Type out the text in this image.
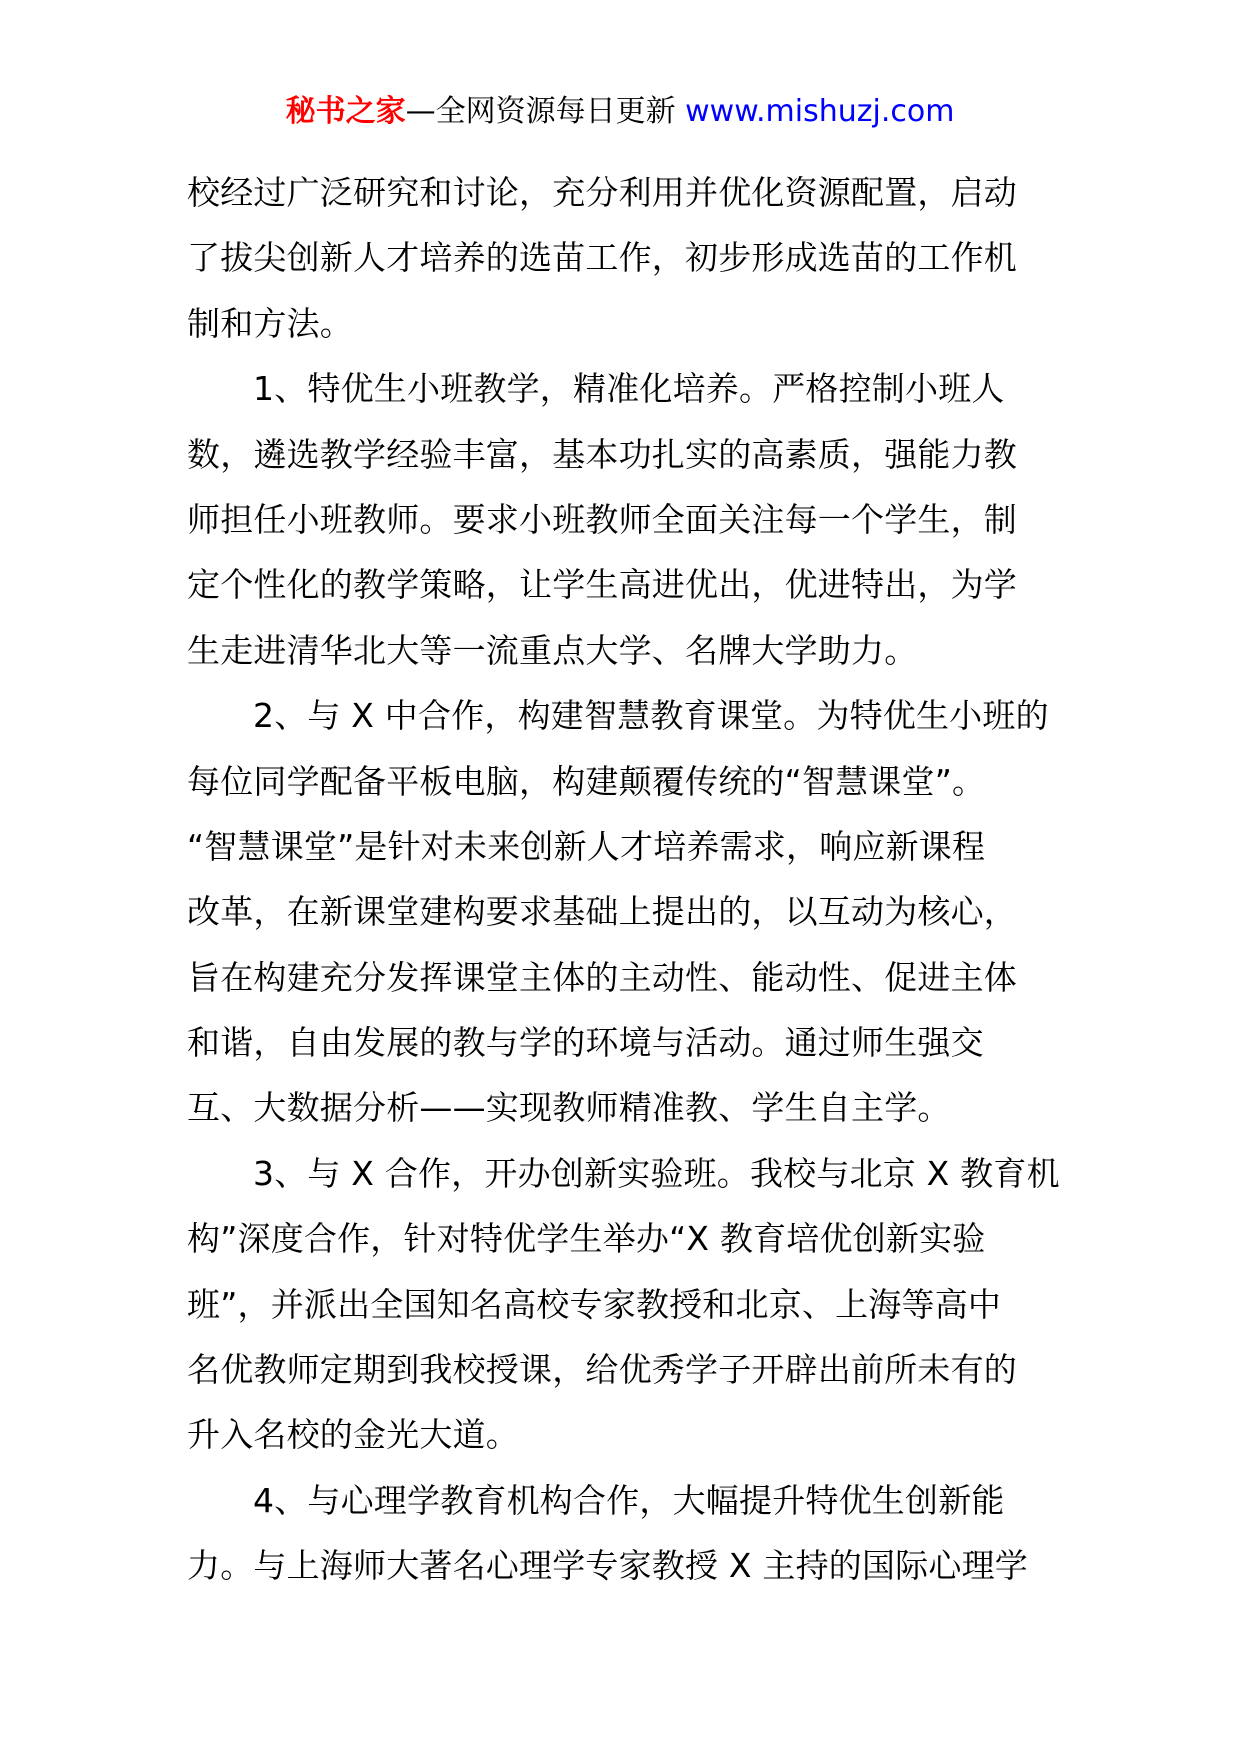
秘书之家—全网资源每日更新 www.mishuzj.com
校经过广泛研究和讨论，充分利用并优化资源配置，启动
了拔尖创新人才培养的选苗工作，初步形成选苗的工作机
制和方法。
1、特优生小班教学，精准化培养。严格控制小班人
数，遴选教学经验丰富，基本功扎实的高素质，强能力教
师担任小班教师。要求小班教师全面关注每一个学生，制
定个性化的教学策略，让学生高进优出，优进特出，为学
生走进清华北大等一流重点大学、名牌大学助力。
2、与 X 中合作，构建智慧教育课堂。为特优生小班的
每位同学配备平板电脑，构建颠覆传统的“智慧课堂”。
“智慧课堂”是针对未来创新人才培养需求，响应新课程
改革，在新课堂建构要求基础上提出的，以互动为核心，
旨在构建充分发挥课堂主体的主动性、能动性、促进主体
和谐，自由发展的教与学的环境与活动。通过师生强交
互、大数据分析——实现教师精准教、学生自主学。
3、与 X 合作，开办创新实验班。我校与北京 X 教育机
构”深度合作，针对特优学生举办“X 教育培优创新实验
班”，并派出全国知名高校专家教授和北京、上海等高中
名优教师定期到我校授课，给优秀学子开辟出前所未有的
升入名校的金光大道。
4、与心理学教育机构合作，大幅提升特优生创新能
力。与上海师大著名心理学专家教授 X 主持的国际心理学
